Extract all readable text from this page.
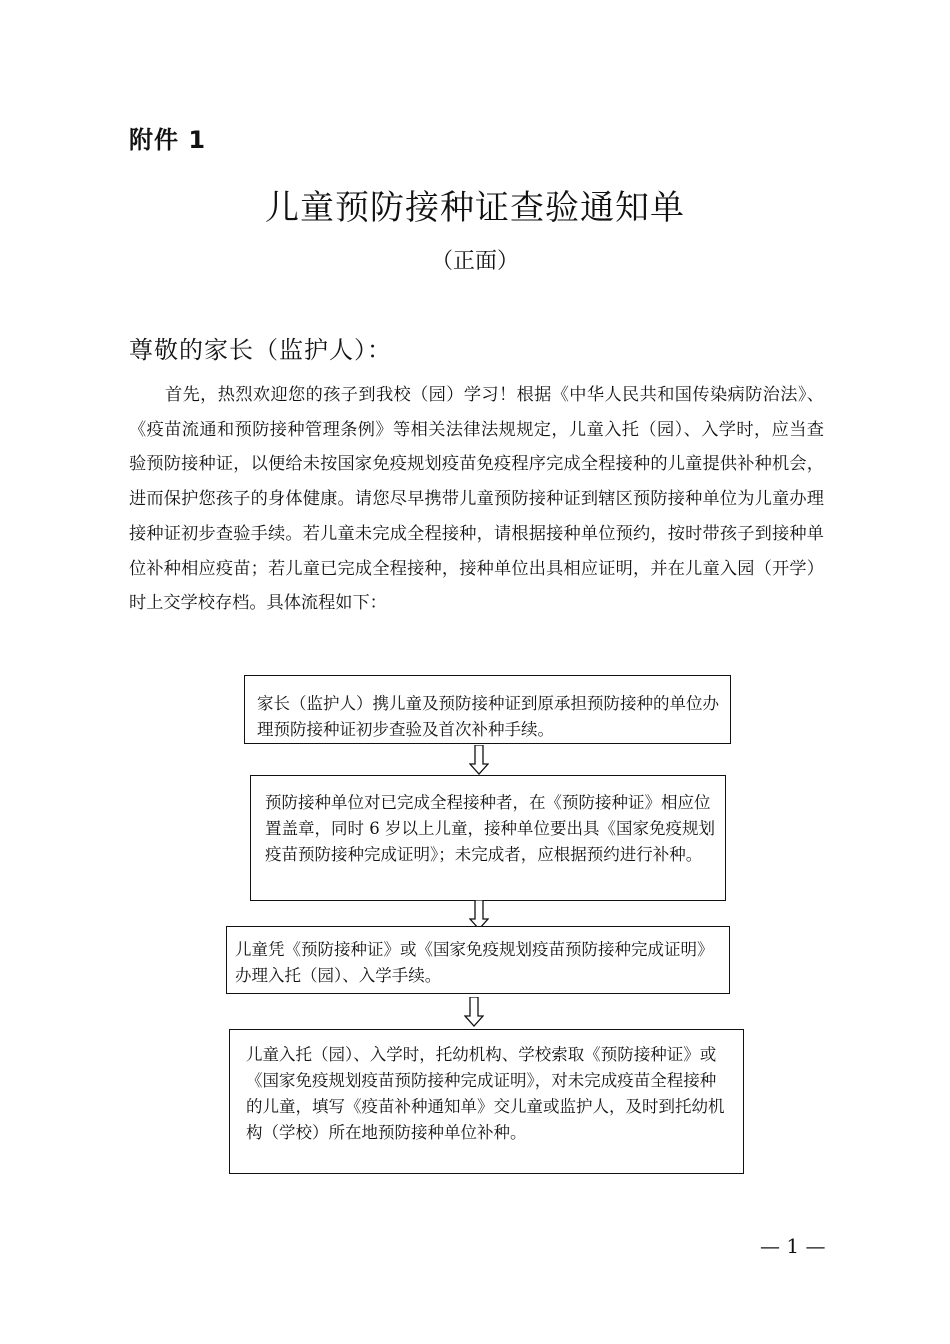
附件 1
儿童预防接种证查验通知单
（正面）
尊敬的家长（监护人）：
首先，热烈欢迎您的孩子到我校（园）学习！根据《中华人民共和国传染病防治法》、《疫苗流通和预防接种管理条例》等相关法律法规规定，儿童入托（园）、入学时，应当查验预防接种证，以便给未按国家免疫规划疫苗免疫程序完成全程接种的儿童提供补种机会，进而保护您孩子的身体健康。请您尽早携带儿童预防接种证到辖区预防接种单位为儿童办理接种证初步查验手续。若儿童未完成全程接种，请根据接种单位预约，按时带孩子到接种单位补种相应疫苗；若儿童已完成全程接种，接种单位出具相应证明，并在儿童入园（开学）时上交学校存档。具体流程如下：
家长（监护人）携儿童及预防接种证到原承担预防接种的单位办理预防接种证初步查验及首次补种手续。
预防接种单位对已完成全程接种者，在《预防接种证》相应位置盖章，同时 6 岁以上儿童，接种单位要出具《国家免疫规划疫苗预防接种完成证明》；未完成者，应根据预约进行补种。
儿童凭《预防接种证》或《国家免疫规划疫苗预防接种完成证明》办理入托（园）、入学手续。
儿童入托（园）、入学时，托幼机构、学校索取《预防接种证》或《国家免疫规划疫苗预防接种完成证明》，对未完成疫苗全程接种的儿童，填写《疫苗补种通知单》交儿童或监护人，及时到托幼机构（学校）所在地预防接种单位补种。
— 1 —
